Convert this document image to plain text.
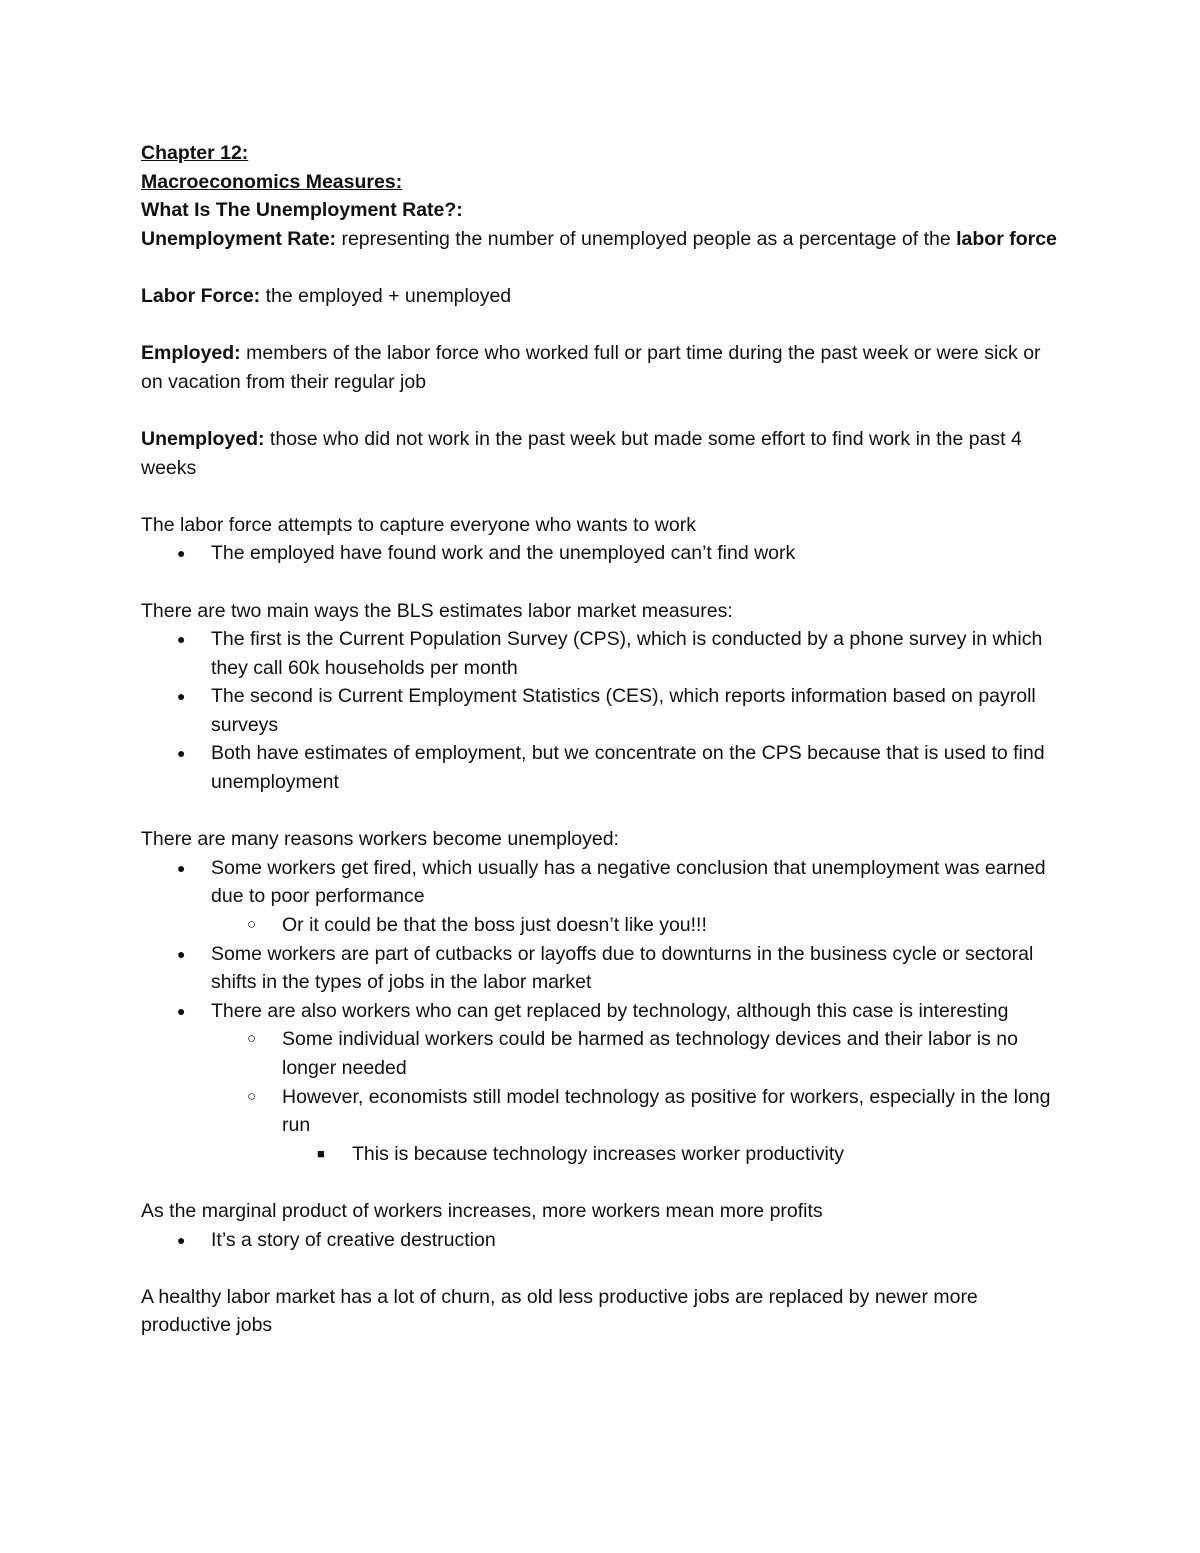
Chapter 12:

Macroeconomics Measures:

What Is The Unemployment Rate?:

Unemployment Rate: representing the number of unemployed people as a percentage of the labor force

Labor Force: the employed + unemployed

Employed: members of the labor force who worked full or part time during the past week or were sick or on vacation from their regular job

Unemployed: those who did not work in the past week but made some effort to find work in the past 4 weeks

The labor force attempts to capture everyone who wants to work

● The employed have found work and the unemployed can’t find work

There are two main ways the BLS estimates labor market measures:

● The first is the Current Population Survey (CPS), which is conducted by a phone survey in which they call 60k households per month
● The second is Current Employment Statistics (CES), which reports information based on payroll surveys
● Both have estimates of employment, but we concentrate on the CPS because that is used to find unemployment

There are many reasons workers become unemployed:

● Some workers get fired, which usually has a negative conclusion that unemployment was earned due to poor performance
○ Or it could be that the boss just doesn’t like you!!!
● Some workers are part of cutbacks or layoffs due to downturns in the business cycle or sectoral shifts in the types of jobs in the labor market
● There are also workers who can get replaced by technology, although this case is interesting
○ Some individual workers could be harmed as technology devices and their labor is no longer needed
○ However, economists still model technology as positive for workers, especially in the long run
■ This is because technology increases worker productivity

As the marginal product of workers increases, more workers mean more profits

● It’s a story of creative destruction

A healthy labor market has a lot of churn, as old less productive jobs are replaced by newer more productive jobs
